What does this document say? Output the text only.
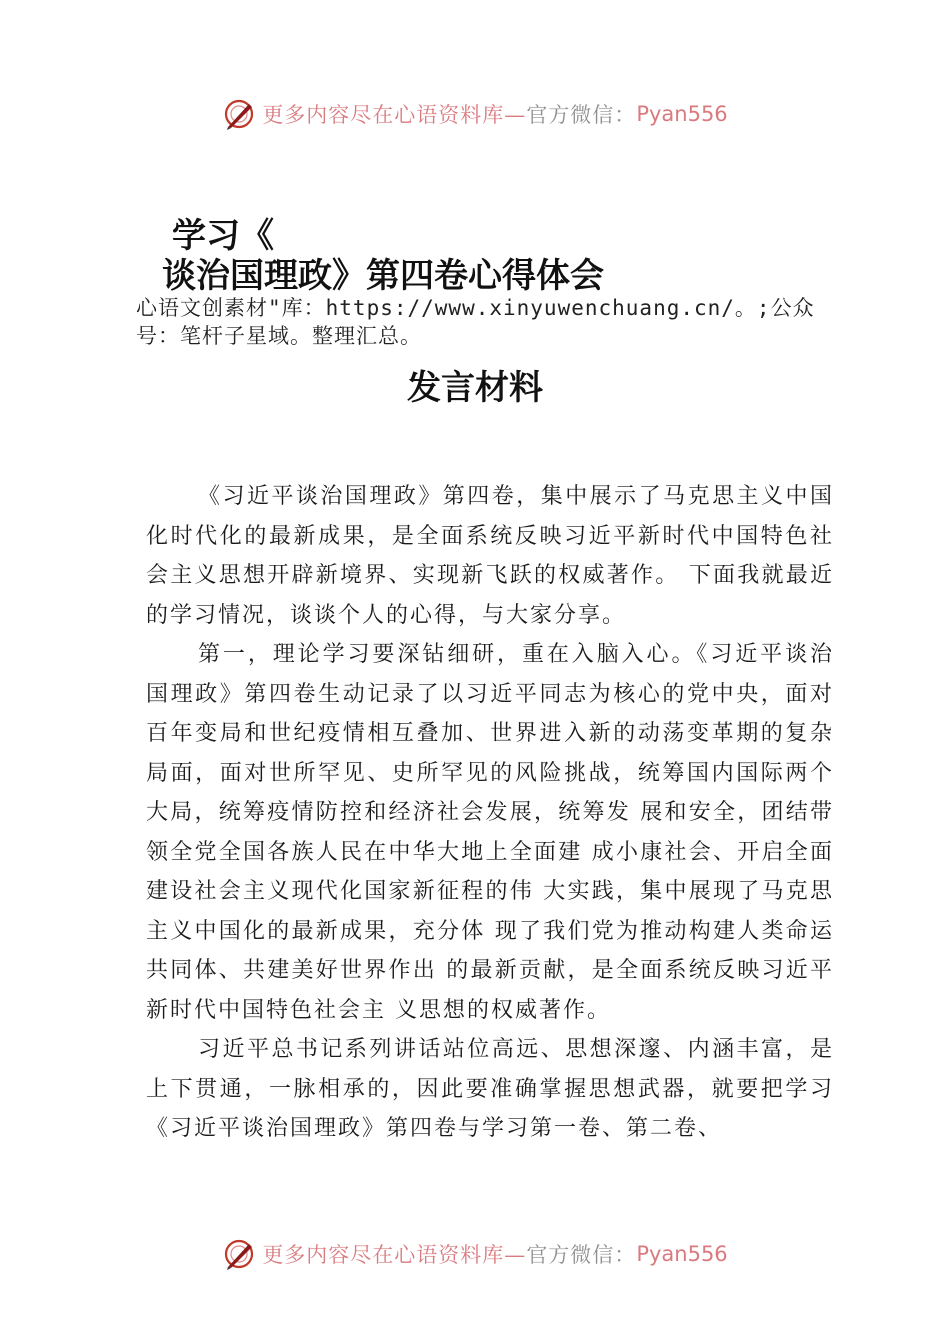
更多内容尽在心语资料库— 官方微信： Pyan556
学习《
谈治国理政》第四卷心得体会
心语文创素材"库：https://www.xinyuwenchuang.cn/。;公众号：笔杆子星域。整理汇总。
发言材料

《习近平谈治国理政》第四卷，集中展示了马克思主义中国化时代化的最新成果，是全面系统反映习近平新时代中国特色社会主义思想开辟新境界、实现新飞跃的权威著作。 下面我就最近的学习情况，谈谈个人的心得，与大家分享。

第一，理论学习要深钻细研，重在入脑入心。《习近平谈治国理政》第四卷生动记录了以习近平同志为核心的党中央，面对百年变局和世纪疫情相互叠加、世界进入新的动荡变革期的复杂局面，面对世所罕见、史所罕见的风险挑战，统筹国内国际两个大局，统筹疫情防控和经济社会发展，统筹发 展和安全，团结带领全党全国各族人民在中华大地上全面建 成小康社会、开启全面建设社会主义现代化国家新征程的伟 大实践，集中展现了马克思主义中国化的最新成果，充分体 现了我们党为推动构建人类命运共同体、共建美好世界作出 的最新贡献，是全面系统反映习近平新时代中国特色社会主 义思想的权威著作。

习近平总书记系列讲话站位高远、思想深邃、内涵丰富，是上下贯通，一脉相承的，因此要准确掌握思想武器，就要把学习《习近平谈治国理政》第四卷与学习第一卷、第二卷、

更多内容尽在心语资料库— 官方微信： Pyan556
